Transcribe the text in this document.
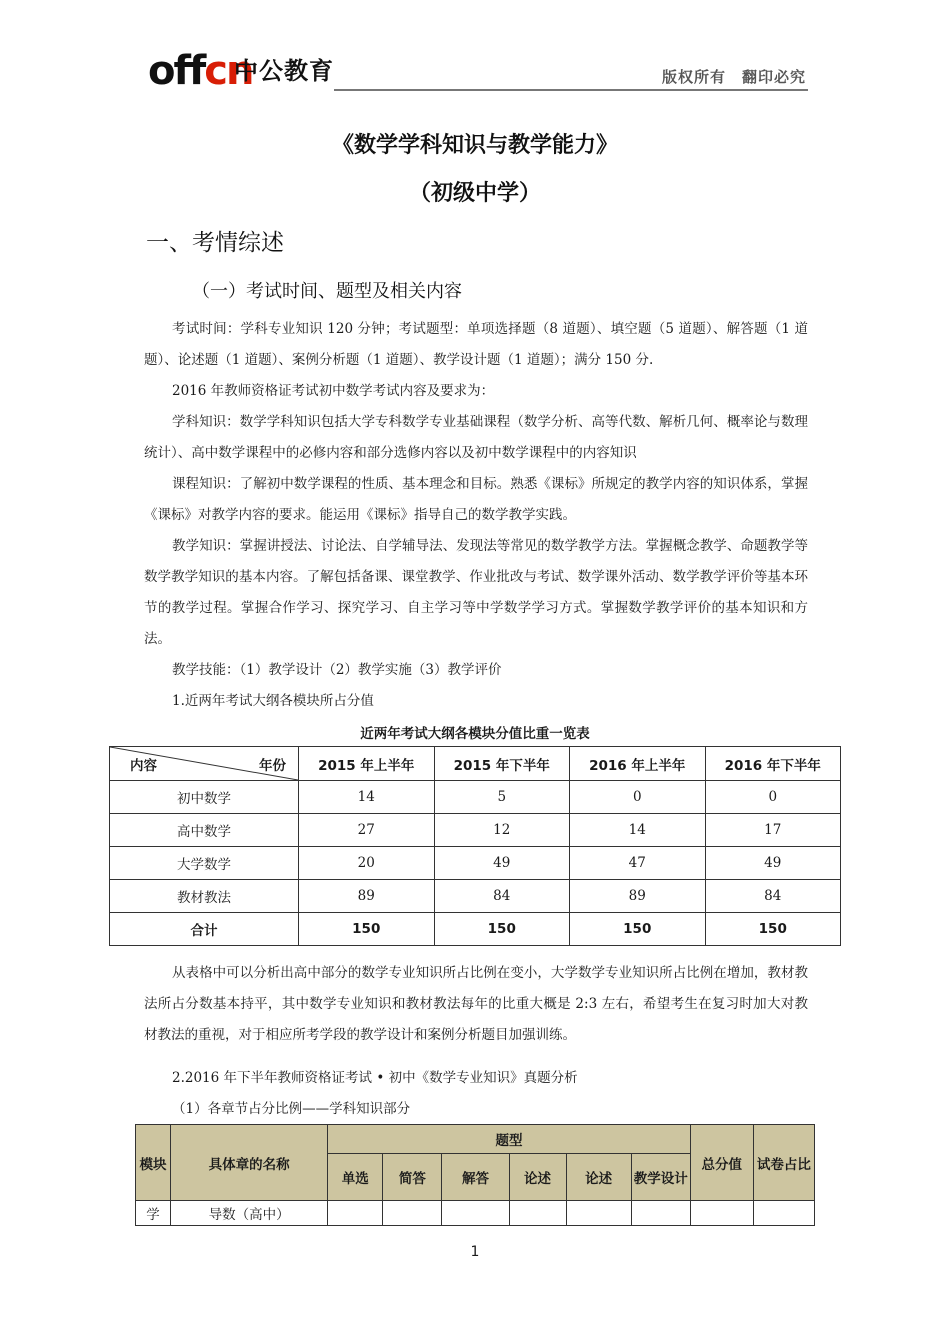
offcn
中公教育	版权所有　翻印必究
《数学学科知识与教学能力》
（初级中学）
一、考情综述
（一）考试时间、题型及相关内容

考试时间：学科专业知识 120 分钟；考试题型：单项选择题（8 道题）、填空题（5 道题）、解答题（1 道题）、论述题（1 道题）、案例分析题（1 道题）、教学设计题（1 道题）；满分 150 分.

2016 年教师资格证考试初中数学考试内容及要求为：

学科知识：数学学科知识包括大学专科数学专业基础课程（数学分析、高等代数、解析几何、概率论与数理统计）、高中数学课程中的必修内容和部分选修内容以及初中数学课程中的内容知识

课程知识：了解初中数学课程的性质、基本理念和目标。熟悉《课标》所规定的教学内容的知识体系，掌握《课标》对教学内容的要求。能运用《课标》指导自己的数学教学实践。

教学知识：掌握讲授法、讨论法、自学辅导法、发现法等常见的数学教学方法。掌握概念教学、命题教学等数学教学知识的基本内容。了解包括备课、课堂教学、作业批改与考试、数学课外活动、数学教学评价等基本环节的教学过程。掌握合作学习、探究学习、自主学习等中学数学学习方式。掌握数学教学评价的基本知识和方法。

教学技能：（1）教学设计（2）教学实施（3）教学评价

1.近两年考试大纲各模块所占分值

近两年考试大纲各模块分值比重一览表
内容 年份	2015 年上半年	2015 年下半年	2016 年上半年	2016 年下半年
初中数学	14	5	0	0
高中数学	27	12	14	17
大学数学	20	49	47	49
教材教法	89	84	89	84
合计	150	150	150	150

从表格中可以分析出高中部分的数学专业知识所占比例在变小，大学数学专业知识所占比例在增加，教材教法所占分数基本持平，其中数学专业知识和教材教法每年的比重大概是 2:3 左右，希望考生在复习时加大对教材教法的重视，对于相应所考学段的教学设计和案例分析题目加强训练。

2.2016 年下半年教师资格证考试 • 初中《数学专业知识》真题分析

（1）各章节占分比例——学科知识部分

模块	具体章的名称	题型						总分值	试卷占比
		单选	简答	解答	论述	论述	教学设计		
学	导数（高中）								
1
